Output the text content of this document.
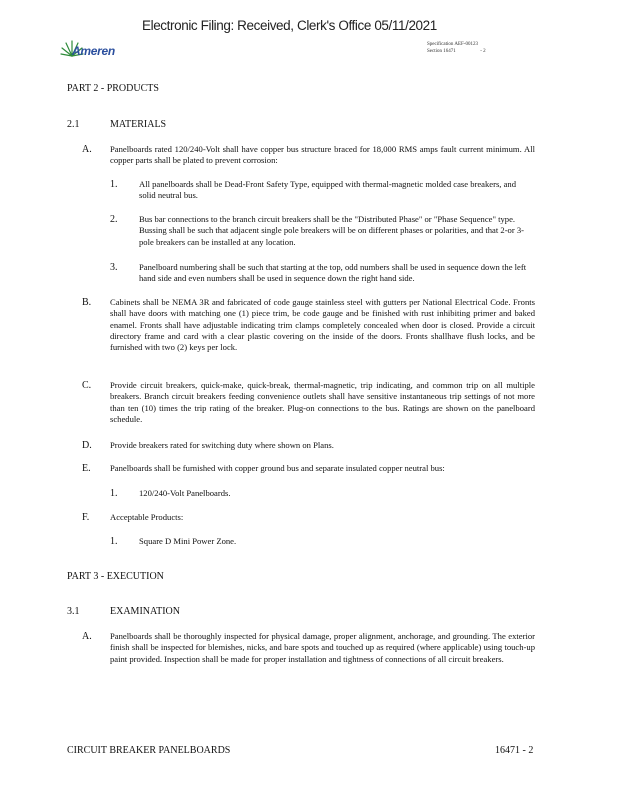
Electronic Filing: Received, Clerk's Office 05/11/2021
Ameren	Specification AEF-00123
Section 16471	- 2
PART 2 - PRODUCTS
2.1	MATERIALS
A. Panelboards rated 120/240-Volt shall have copper bus structure braced for 18,000 RMS amps fault current minimum. All copper parts shall be plated to prevent corrosion:
1.	All panelboards shall be Dead-Front Safety Type, equipped with thermal-magnetic molded case breakers, and solid neutral bus.
2.	Bus bar connections to the branch circuit breakers shall be the "Distributed Phase" or "Phase Sequence" type. Bussing shall be such that adjacent single pole breakers will be on different phases or polarities, and that 2-or 3-pole breakers can be installed at any location.
3.	Panelboard numbering shall be such that starting at the top, odd numbers shall be used in sequence down the left hand side and even numbers shall be used in sequence down the right hand side.
B. Cabinets shall be NEMA 3R and fabricated of code gauge stainless steel with gutters per National Electrical Code. Fronts shall have doors with matching one (1) piece trim, be code gauge and be finished with rust inhibiting primer and baked enamel. Fronts shall have adjustable indicating trim clamps completely concealed when door is closed. Provide a circuit directory frame and card with a clear plastic covering on the inside of the doors. Fronts shallhave flush locks, and be furnished with two (2) keys per lock.
C. Provide circuit breakers, quick-make, quick-break, thermal-magnetic, trip indicating, and common trip on all multiple breakers. Branch circuit breakers feeding convenience outlets shall have sensitive instantaneous trip settings of not more than ten (10) times the trip rating of the breaker. Plug-on connections to the bus. Ratings are shown on the panelboard schedule.
D. Provide breakers rated for switching duty where shown on Plans.
E. Panelboards shall be furnished with copper ground bus and separate insulated copper neutral bus:
1.	120/240-Volt Panelboards.
F. Acceptable Products:
1.	Square D Mini Power Zone.
PART 3 - EXECUTION
3.1	EXAMINATION
A. Panelboards shall be thoroughly inspected for physical damage, proper alignment, anchorage, and grounding. The exterior finish shall be inspected for blemishes, nicks, and bare spots and touched up as required (where applicable) using touch-up paint provided. Inspection shall be made for proper installation and tightness of connections of all circuit breakers.
CIRCUIT BREAKER PANELBOARDS	16471 - 2
